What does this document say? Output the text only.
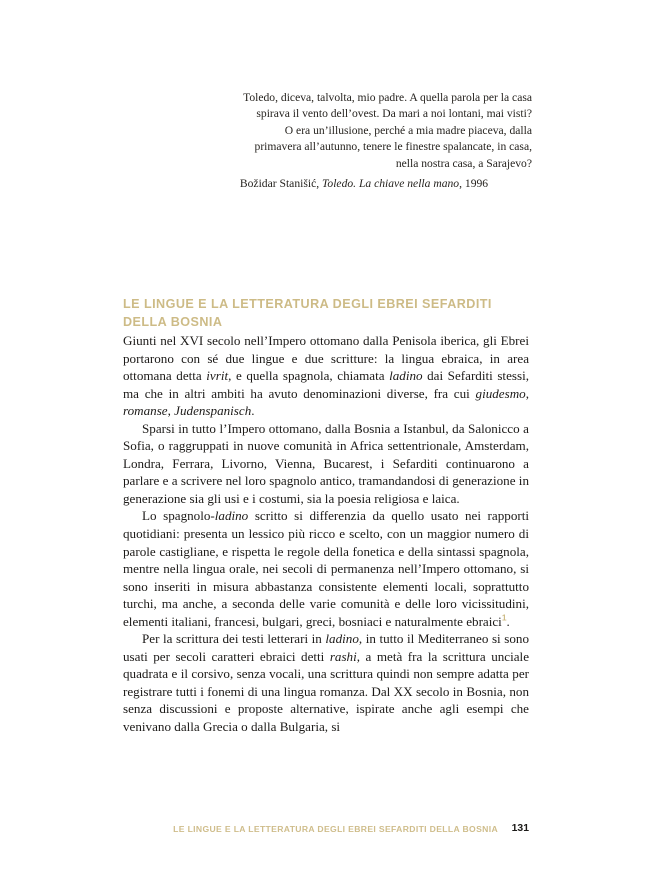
Toledo, diceva, talvolta, mio padre. A quella parola per la casa
spirava il vento dell’ovest. Da mari a noi lontani, mai visti?
O era un’illusione, perché a mia madre piaceva, dalla
primavera all’autunno, tenere le finestre spalancate, in casa,
nella nostra casa, a Sarajevo?
Božidar Stanišić, Toledo. La chiave nella mano, 1996
LE LINGUE E LA LETTERATURA DEGLI EBREI SEFARDITI DELLA BOSNIA

Giunti nel XVI secolo nell’Impero ottomano dalla Penisola iberica, gli Ebrei portarono con sé due lingue e due scritture: la lingua ebraica, in area ottomana detta ivrit, e quella spagnola, chiamata ladino dai Sefarditi stessi, ma che in altri ambiti ha avuto denominazioni diverse, fra cui giudesmo, romanse, Judenspanisch.

Sparsi in tutto l’Impero ottomano, dalla Bosnia a Istanbul, da Salonicco a Sofia, o raggruppati in nuove comunità in Africa settentrionale, Amsterdam, Londra, Ferrara, Livorno, Vienna, Bucarest, i Sefarditi continuarono a parlare e a scrivere nel loro spagnolo antico, tramandandosi di generazione in generazione sia gli usi e i costumi, sia la poesia religiosa e laica.

Lo spagnolo-ladino scritto si differenzia da quello usato nei rapporti quotidiani: presenta un lessico più ricco e scelto, con un maggior numero di parole castigliane, e rispetta le regole della fonetica e della sintassi spagnola, mentre nella lingua orale, nei secoli di permanenza nell’Impero ottomano, si sono inseriti in misura abbastanza consistente elementi locali, soprattutto turchi, ma anche, a seconda delle varie comunità e delle loro vicissitudini, elementi italiani, francesi, bulgari, greci, bosniaci e naturalmente ebraici$^1$.

Per la scrittura dei testi letterari in ladino, in tutto il Mediterraneo si sono usati per secoli caratteri ebraici detti rashi, a metà fra la scrittura unciale quadrata e il corsivo, senza vocali, una scrittura quindi non sempre adatta per registrare tutti i fonemi di una lingua romanza. Dal XX secolo in Bosnia, non senza discussioni e proposte alternative, ispirate anche agli esempi che venivano dalla Grecia o dalla Bulgaria, si

LE LINGUE E LA LETTERATURA DEGLI EBREI SEFARDITI DELLA BOSNIA 131
